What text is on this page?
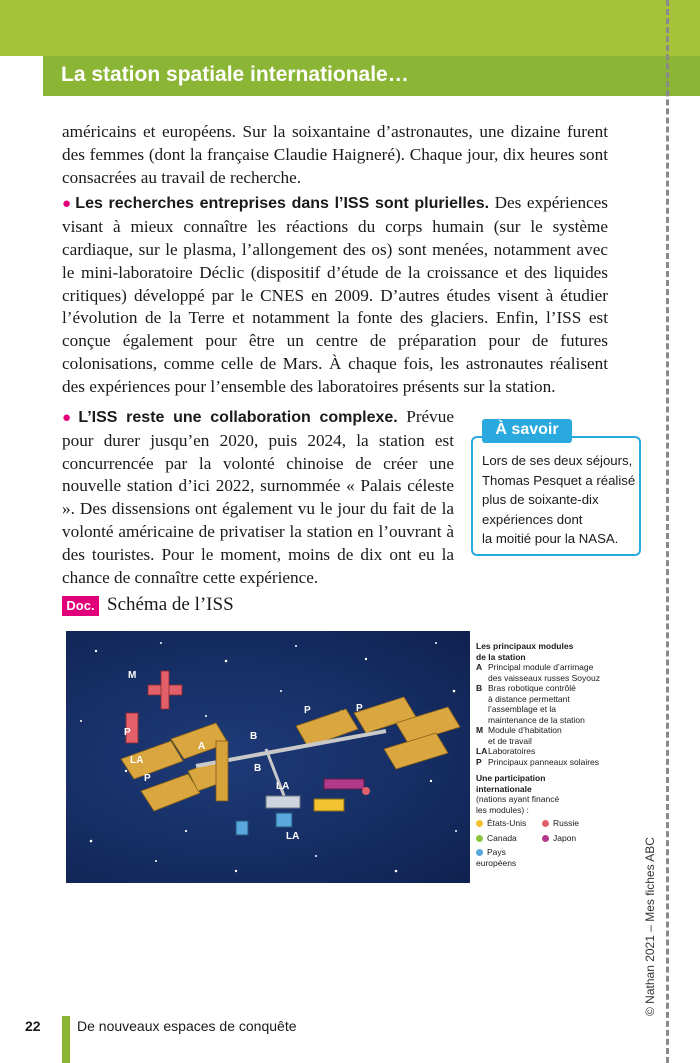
La station spatiale internationale…

américains et européens. Sur la soixantaine d’astronautes, une dizaine furent des femmes (dont la française Claudie Haigneré). Chaque jour, dix heures sont consacrées au travail de recherche.

● Les recherches entreprises dans l’ISS sont plurielles. Des expériences visant à mieux connaître les réactions du corps humain (sur le système cardiaque, sur le plasma, l’allongement des os) sont menées, notamment avec le mini-laboratoire Déclic (dispositif d’étude de la croissance et des liquides critiques) développé par le CNES en 2009. D’autres études visent à étudier l’évolution de la Terre et notamment la fonte des glaciers. Enfin, l’ISS est conçue également pour être un centre de préparation pour de futures colonisations, comme celle de Mars. À chaque fois, les astronautes réalisent des expériences pour l’ensemble des laboratoires présents sur la station.

● L’ISS reste une collaboration complexe. Prévue pour durer jusqu’en 2020, puis 2024, la station est concurrencée par la volonté chinoise de créer une nouvelle station d’ici 2022, surnommée « Palais céleste ». Des dissensions ont également vu le jour du fait de la volonté américaine de privatiser la station en l’ouvrant à des touristes. Pour le moment, moins de dix ont eu la chance de connaître cette expérience.
À savoir
Lors de ses deux séjours,
Thomas Pesquet a réalisé
plus de soixante-dix
expériences dont
la moitié pour la NASA.
Doc. Schéma de l’ISS
M
LA
A
B
P
P
P	P
LA
LA
B
Les principaux modules
de la station
A Principal module d’arrimage
des vaisseaux russes Soyouz
B Bras robotique contrôlé
à distance permettant
l’assemblage et la
maintenance de la station
M Module d’habitation
et de travail
LA Laboratoires
P Principaux panneaux solaires
Une participation
internationale
(nations ayant financé
les modules) :
États-Unis	Russie
Canada	Japon
Pays européens
22	De nouveaux espaces de conquête
© Nathan 2021 – Mes fiches ABC
